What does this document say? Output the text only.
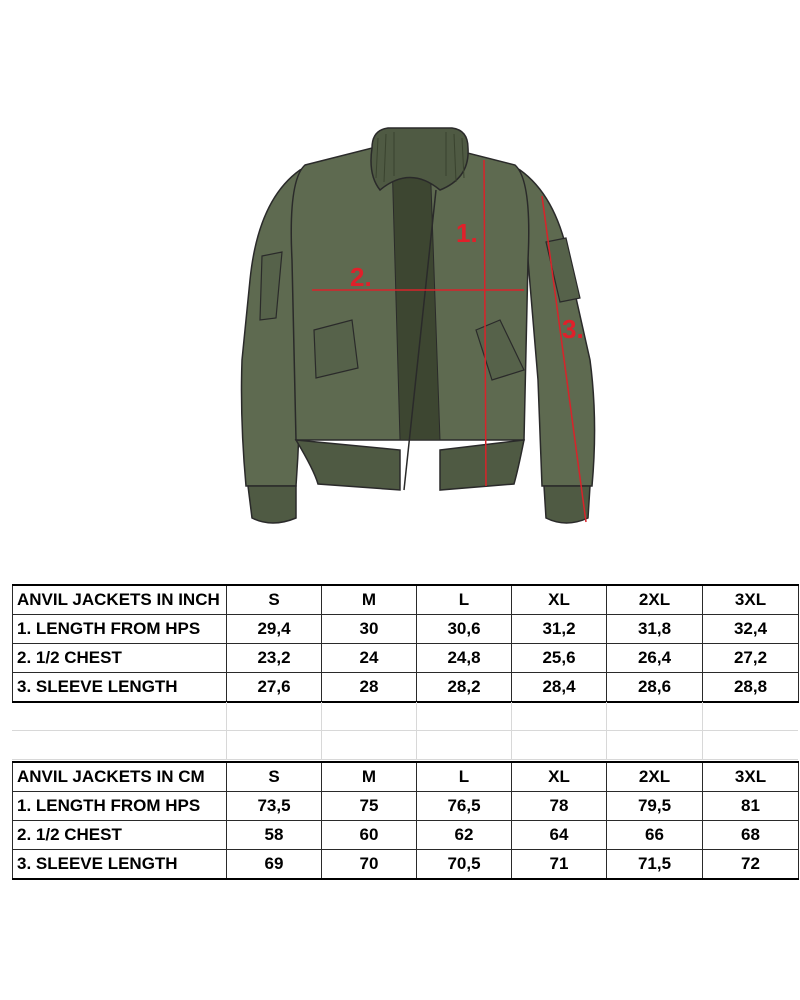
1.
2.
3.
ANVIL JACKETS IN INCH	S	M	L	XL	2XL	3XL
1. LENGTH FROM HPS	29,4	30	30,6	31,2	31,8	32,4
2. 1/2 CHEST	23,2	24	24,8	25,6	26,4	27,2
3. SLEEVE LENGTH	27,6	28	28,2	28,4	28,6	28,8
ANVIL JACKETS IN CM	S	M	L	XL	2XL	3XL
1. LENGTH FROM HPS	73,5	75	76,5	78	79,5	81
2. 1/2 CHEST	58	60	62	64	66	68
3. SLEEVE LENGTH	69	70	70,5	71	71,5	72
